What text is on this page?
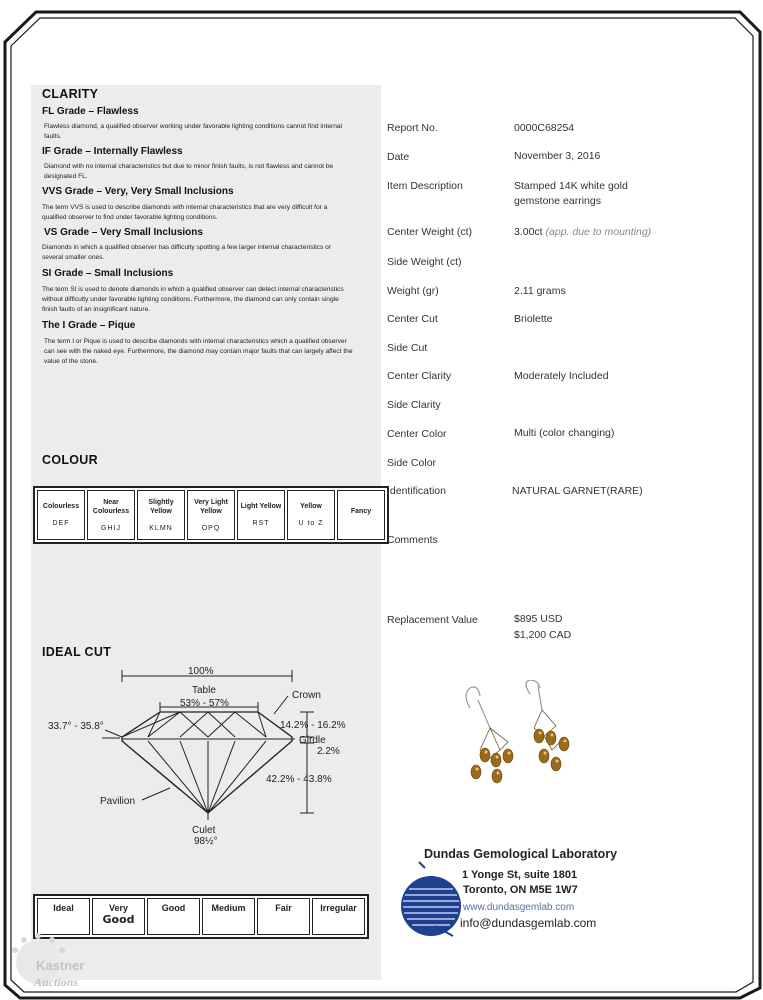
CLARITY
FL Grade – Flawless
Flawless diamond, a qualified observer working under favorable lighting conditions cannot find internal faults.
IF Grade – Internally Flawless
Diamond with no internal characteristics but due to minor finish faults, is not flawless and cannot be designated FL.
VVS Grade – Very, Very Small Inclusions
The term VVS is used to describe diamonds with internal characteristics that are very difficult for a qualified observer to find under favorable lighting conditions.
VS Grade – Very Small Inclusions
Diamonds in which a qualified observer has difficulty spotting a few larger internal characteristics or several smaller ones.
SI Grade – Small Inclusions
The term SI is used to denote diamonds in which a qualified observer can detect internal characteristics without difficulty under favorable lighting conditions. Furthermore, the diamond can only contain single finish faults of an insignificant nature.
The I Grade – Pique
The term I or Pique is used to describe diamonds with internal characteristics which a qualified observer can see with the naked eye. Furthermore, the diamond may contain major faults that can largely affect the value of the stone.
COLOUR
Colourless
DEF

Near Colourless
GHIJ

Slightly Yellow
KLMN

Very Light Yellow
OPQ

Light Yellow
RST

Yellow
U to Z

Fancy
IDEAL CUT
100%
Table
53% - 57%
Crown
33.7° - 35.8°	14.2% - 16.2%
Girdle
2.2%
42.2% - 43.8%
Pavilion
Culet
98½°
Ideal	Very
Good
	Good	Medium	Fair	Irregular
Report No.	0000C68254
Date	November 3, 2016
Item Description	Stamped 14K white gold gemstone earrings
Center Weight (ct)	3.00ct (app. due to mounting)
Side Weight (ct)
Weight (gr)	2.11 grams
Center Cut	Briolette
Side Cut
Center Clarity	Moderately Included
Side Clarity
Center Color	Multi (color changing)
Side Color
Identification	NATURAL GARNET(RARE)
Comments
Replacement Value	$895 USD
$1,200 CAD
Dundas Gemological Laboratory
1 Yonge St, suite 1801
Toronto, ON M5E 1W7
www.dundasgemlab.com
info@dundasgemlab.com
Kastner
Auctions
